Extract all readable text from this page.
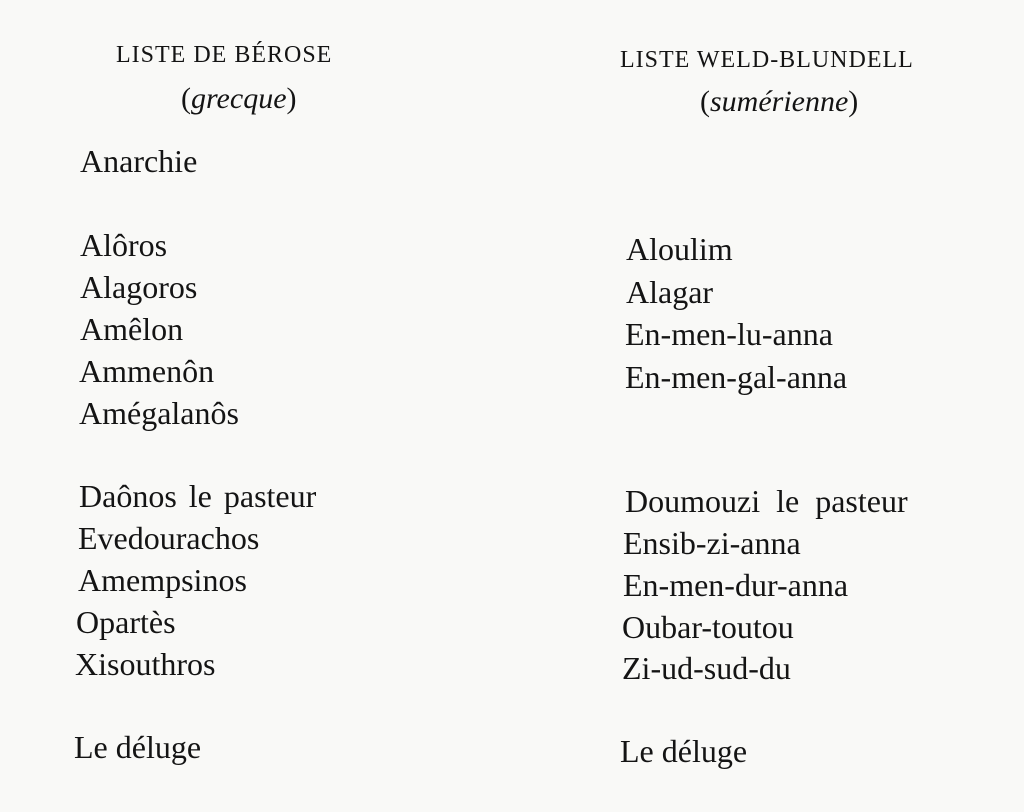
LISTE DE BÉROSE
(grecque)
Anarchie
Alôros
Alagoros
Amêlon
Ammenôn
Amégalanôs
Daônos le pasteur
Evedourachos
Amempsinos
Opartès
Xisouthros
Le déluge
LISTE WELD-BLUNDELL
(sumérienne)
Aloulim
Alagar
En-men-lu-anna
En-men-gal-anna
Doumouzi le pasteur
Ensib-zi-anna
En-men-dur-anna
Oubar-toutou
Zi-ud-sud-du
Le déluge
